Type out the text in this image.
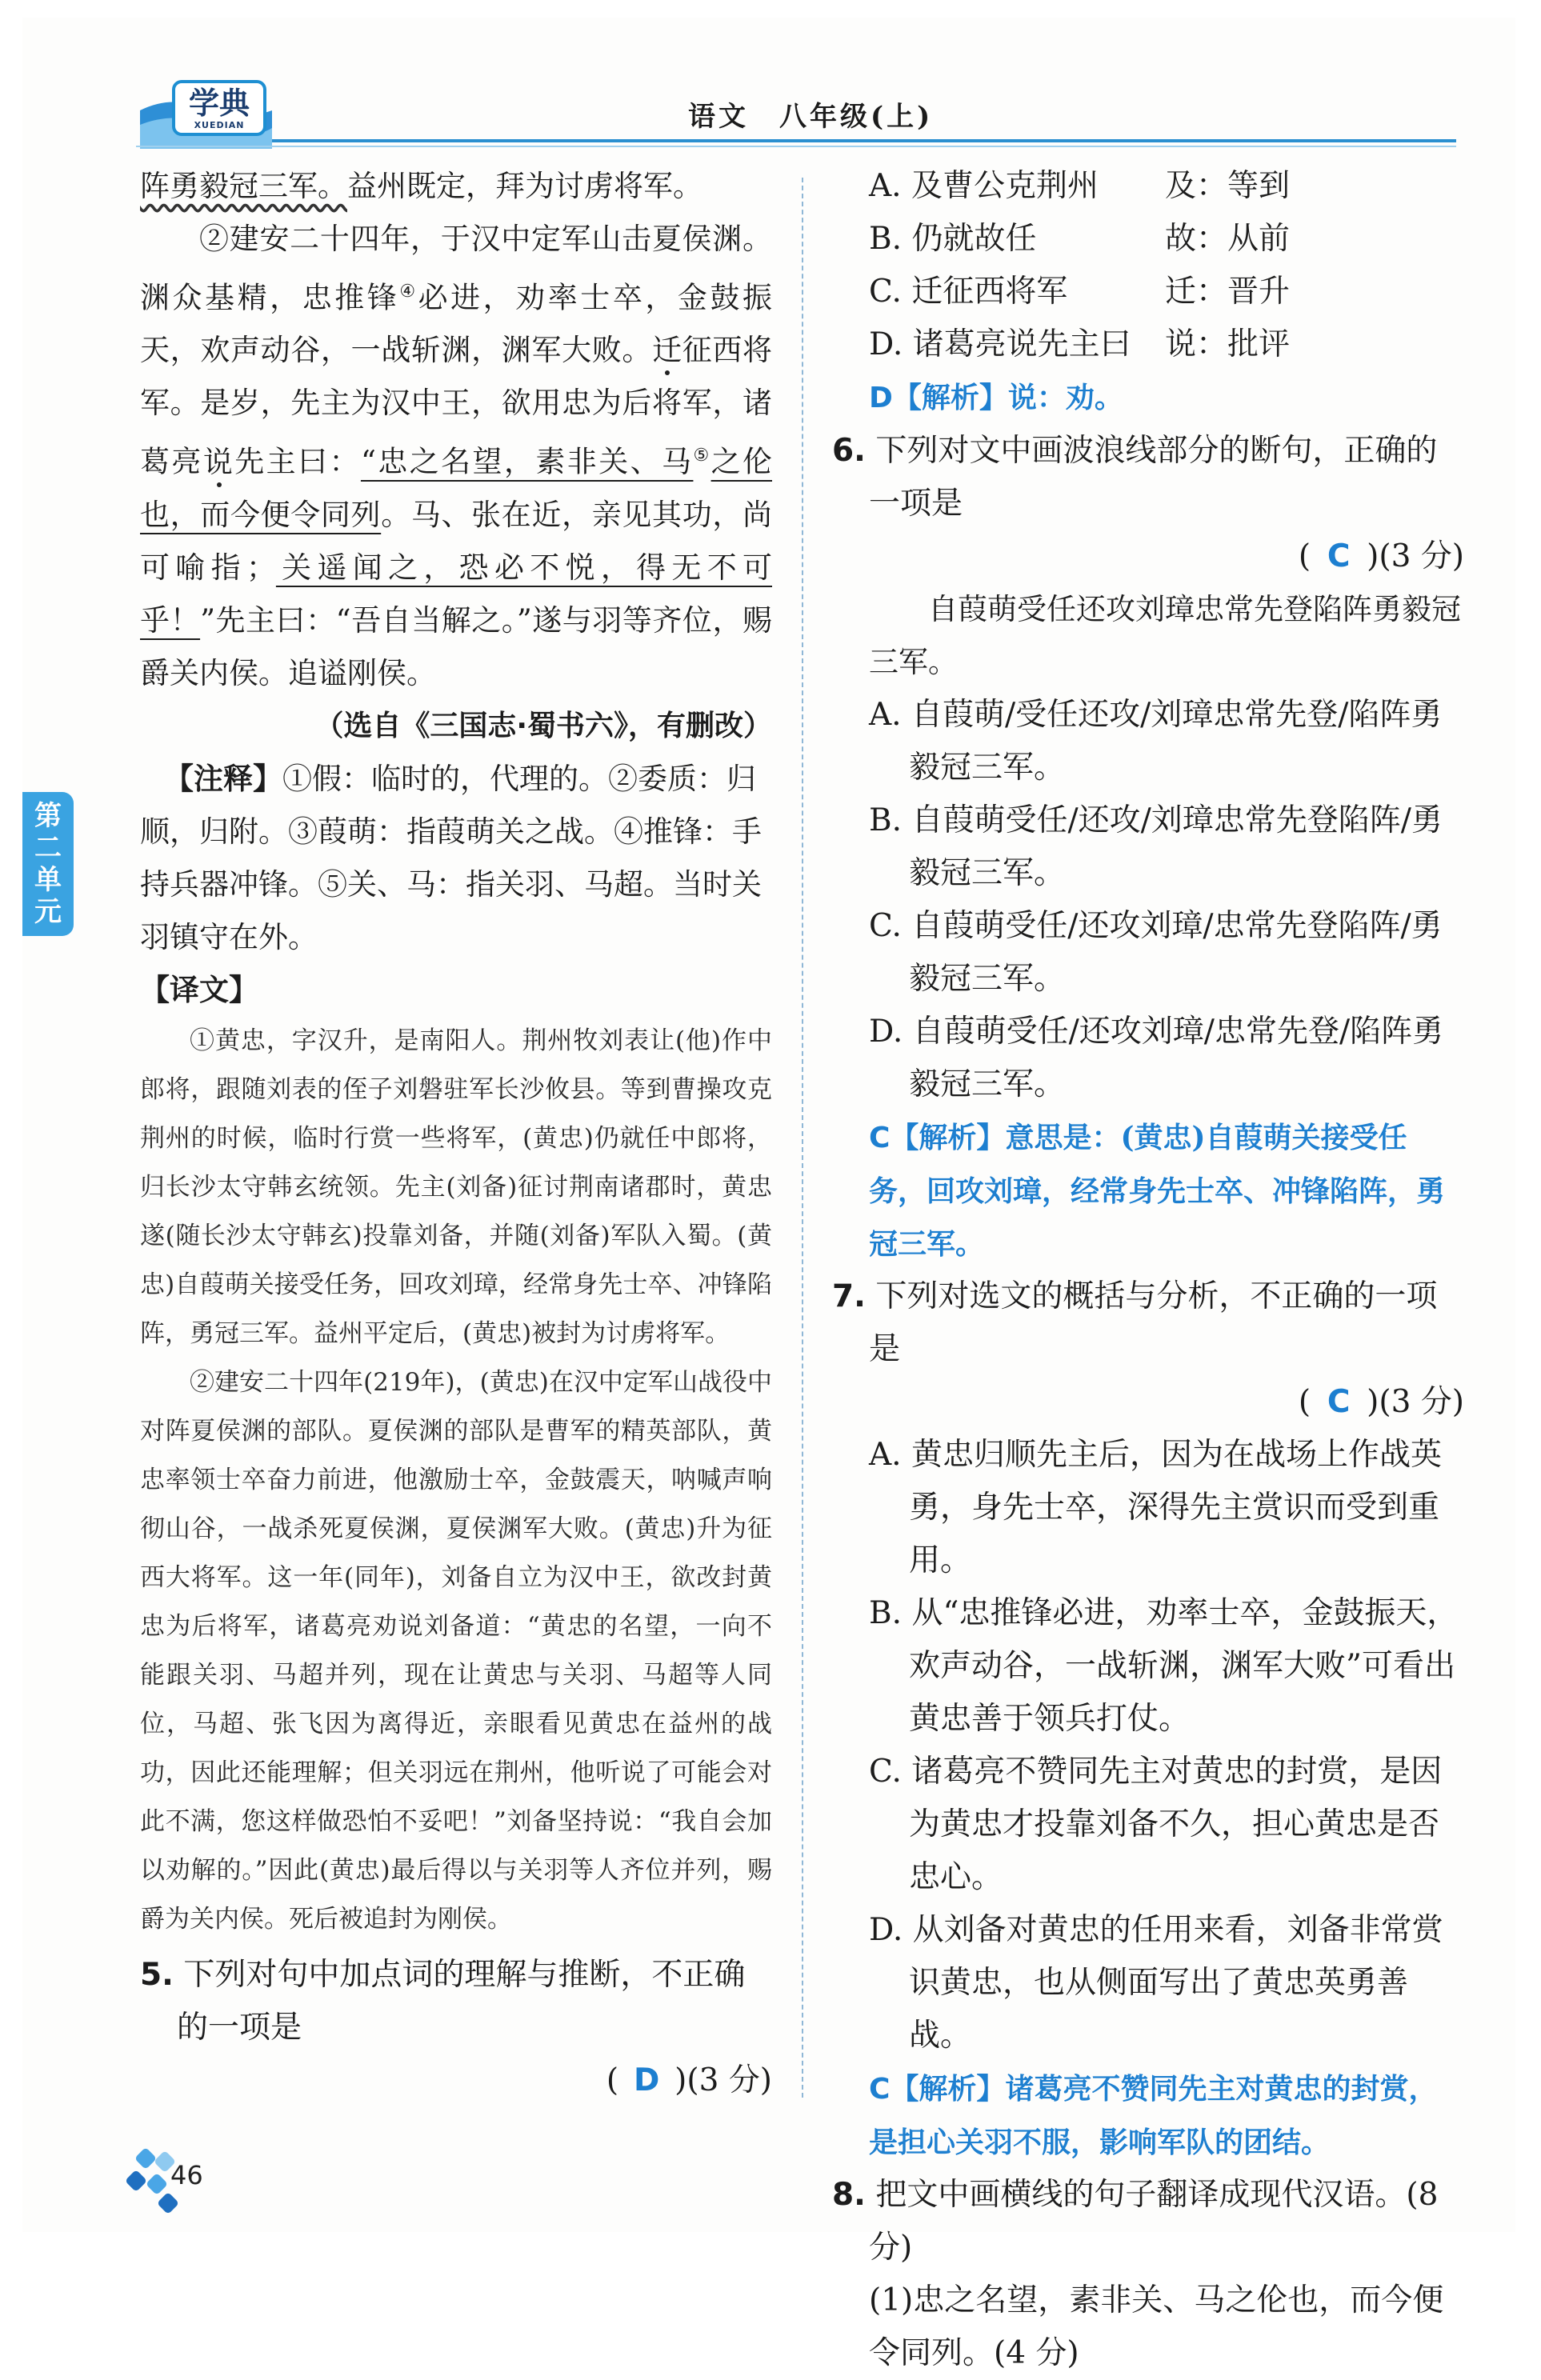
学典
XUEDIAN	语文　八年级(上)
第二单元

阵勇毅冠三军。益州既定，拜为讨虏将军。

②建安二十四年，于汉中定军山击夏侯渊。渊众基精，忠推锋④必进，劝率士卒，金鼓振天，欢声动谷，一战斩渊，渊军大败。迁征西将军。是岁，先主为汉中王，欲用忠为后将军，诸葛亮说先主曰：“忠之名望，素非关、马⑤之伦也，而今便令同列。马、张在近，亲见其功，尚可喻指；关遥闻之，恐必不悦，得无不可乎！”先主曰：“吾自当解之。”遂与羽等齐位，赐爵关内侯。追谥刚侯。

（选自《三国志·蜀书六》，有删改）

【注释】①假：临时的，代理的。②委质：归顺，归附。③葭萌：指葭萌关之战。④推锋：手持兵器冲锋。⑤关、马：指关羽、马超。当时关羽镇守在外。

【译文】

①黄忠，字汉升，是南阳人。荆州牧刘表让(他)作中郎将，跟随刘表的侄子刘磐驻军长沙攸县。等到曹操攻克荆州的时候，临时行赏一些将军，(黄忠)仍就任中郎将，归长沙太守韩玄统领。先主(刘备)征讨荆南诸郡时，黄忠遂(随长沙太守韩玄)投靠刘备，并随(刘备)军队入蜀。(黄忠)自葭萌关接受任务，回攻刘璋，经常身先士卒、冲锋陷阵，勇冠三军。益州平定后，(黄忠)被封为讨虏将军。

②建安二十四年(219年)，(黄忠)在汉中定军山战役中对阵夏侯渊的部队。夏侯渊的部队是曹军的精英部队，黄忠率领士卒奋力前进，他激励士卒，金鼓震天，呐喊声响彻山谷，一战杀死夏侯渊，夏侯渊军大败。(黄忠)升为征西大将军。这一年(同年)，刘备自立为汉中王，欲改封黄忠为后将军，诸葛亮劝说刘备道：“黄忠的名望，一向不能跟关羽、马超并列，现在让黄忠与关羽、马超等人同位，马超、张飞因为离得近，亲眼看见黄忠在益州的战功，因此还能理解；但关羽远在荆州，他听说了可能会对此不满，您这样做恐怕不妥吧！”刘备坚持说：“我自会加以劝解的。”因此(黄忠)最后得以与关羽等人齐位并列，赐爵为关内侯。死后被追封为刚侯。

5. 下列对句中加点词的理解与推断，不正确的一项是

( D )(3 分)

A. 及曹公克荆州	及：等到

B. 仍就故任	故：从前

C. 迁征西将军	迁：晋升

D. 诸葛亮说先主曰	说：批评

D【解析】说：劝。

6. 下列对文中画波浪线部分的断句，正确的一项是

( C )(3 分)

自葭萌受任还攻刘璋忠常先登陷阵勇毅冠三军。

A. 自葭萌/受任还攻/刘璋忠常先登/陷阵勇毅冠三军。

B. 自葭萌受任/还攻/刘璋忠常先登陷阵/勇毅冠三军。

C. 自葭萌受任/还攻刘璋/忠常先登陷阵/勇毅冠三军。

D. 自葭萌受任/还攻刘璋/忠常先登/陷阵勇毅冠三军。

C【解析】意思是：(黄忠)自葭萌关接受任务，回攻刘璋，经常身先士卒、冲锋陷阵，勇冠三军。

7. 下列对选文的概括与分析，不正确的一项是

( C )(3 分)

A. 黄忠归顺先主后，因为在战场上作战英勇，身先士卒，深得先主赏识而受到重用。

B. 从“忠推锋必进，劝率士卒，金鼓振天，欢声动谷，一战斩渊，渊军大败”可看出黄忠善于领兵打仗。

C. 诸葛亮不赞同先主对黄忠的封赏，是因为黄忠才投靠刘备不久，担心黄忠是否忠心。

D. 从刘备对黄忠的任用来看，刘备非常赏识黄忠，也从侧面写出了黄忠英勇善战。

C【解析】诸葛亮不赞同先主对黄忠的封赏，是担心关羽不服，影响军队的团结。

8. 把文中画横线的句子翻译成现代汉语。(8 分)

(1)忠之名望，素非关、马之伦也，而今便令同列。(4 分)

46
